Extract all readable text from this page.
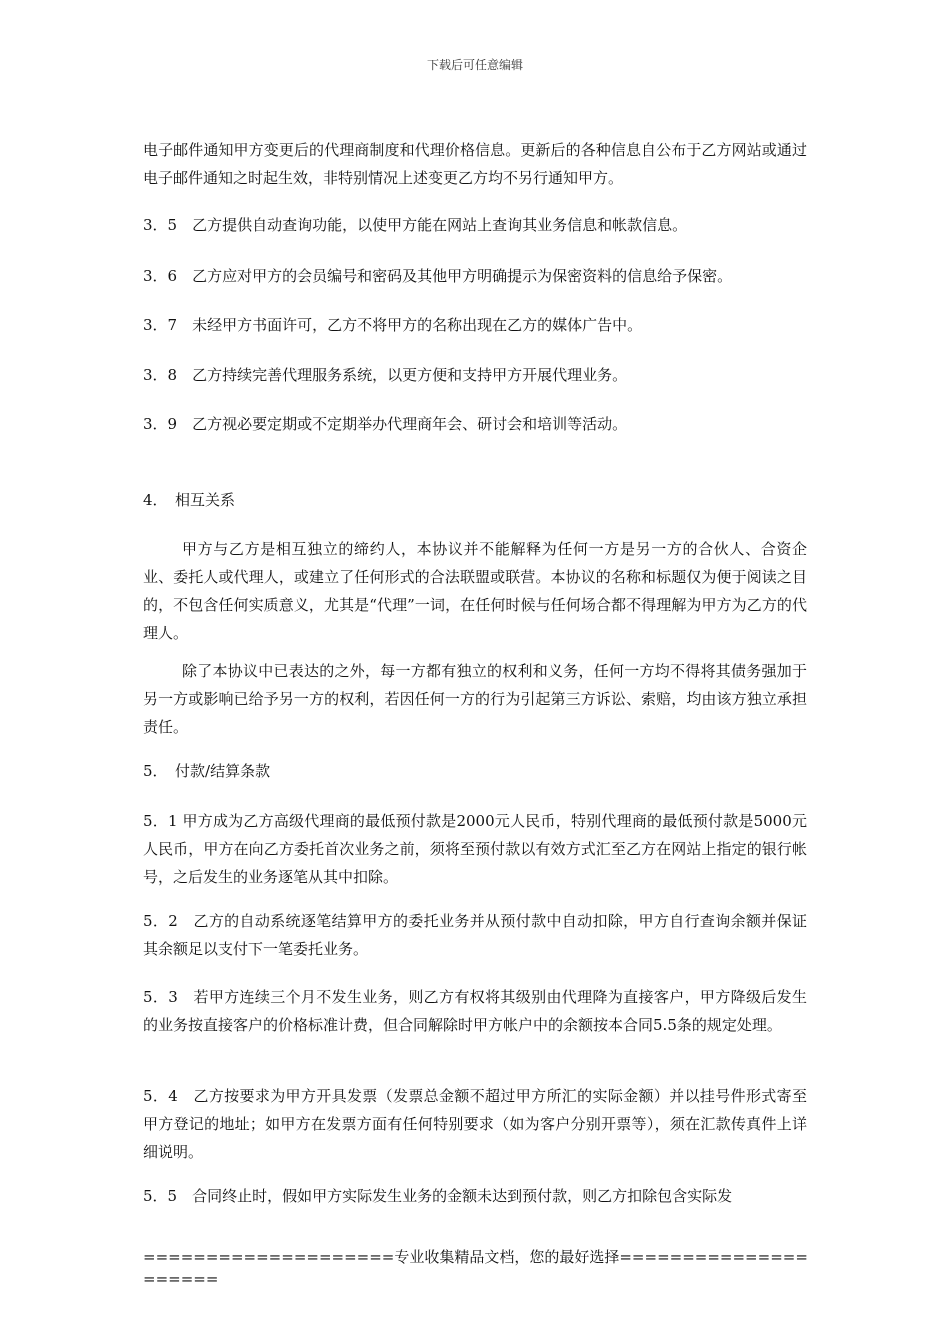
下载后可任意编辑

电子邮件通知甲方变更后的代理商制度和代理价格信息。更新后的各种信息自公布于乙方网站或通过电子邮件通知之时起生效，非特别情况上述变更乙方均不另行通知甲方。

3．5　乙方提供自动查询功能，以使甲方能在网站上查询其业务信息和帐款信息。

3．6　乙方应对甲方的会员编号和密码及其他甲方明确提示为保密资料的信息给予保密。

3．7　未经甲方书面许可，乙方不将甲方的名称出现在乙方的媒体广告中。

3．8　乙方持续完善代理服务系统，以更方便和支持甲方开展代理业务。

3．9　乙方视必要定期或不定期举办代理商年会、研讨会和培训等活动。

4．　相互关系

甲方与乙方是相互独立的缔约人，本协议并不能解释为任何一方是另一方的合伙人、合资企业、委托人或代理人，或建立了任何形式的合法联盟或联营。本协议的名称和标题仅为便于阅读之目的，不包含任何实质意义，尤其是“代理”一词，在任何时候与任何场合都不得理解为甲方为乙方的代理人。

除了本协议中已表达的之外，每一方都有独立的权利和义务，任何一方均不得将其债务强加于另一方或影响已给予另一方的权利，若因任何一方的行为引起第三方诉讼、索赔，均由该方独立承担责任。

5．　付款/结算条款

5．1 甲方成为乙方高级代理商的最低预付款是2000元人民币，特别代理商的最低预付款是5000元人民币，甲方在向乙方委托首次业务之前，须将至预付款以有效方式汇至乙方在网站上指定的银行帐号，之后发生的业务逐笔从其中扣除。

5．2　乙方的自动系统逐笔结算甲方的委托业务并从预付款中自动扣除，甲方自行查询余额并保证其余额足以支付下一笔委托业务。

5．3　若甲方连续三个月不发生业务，则乙方有权将其级别由代理降为直接客户，甲方降级后发生的业务按直接客户的价格标准计费，但合同解除时甲方帐户中的余额按本合同5.5条的规定处理。

5．4　乙方按要求为甲方开具发票（发票总金额不超过甲方所汇的实际金额）并以挂号件形式寄至甲方登记的地址；如甲方在发票方面有任何特别要求（如为客户分别开票等），须在汇款传真件上详细说明。

5．5　合同终止时，假如甲方实际发生业务的金额未达到预付款，则乙方扣除包含实际发

====================专业收集精品文档，您的最好选择=====================
